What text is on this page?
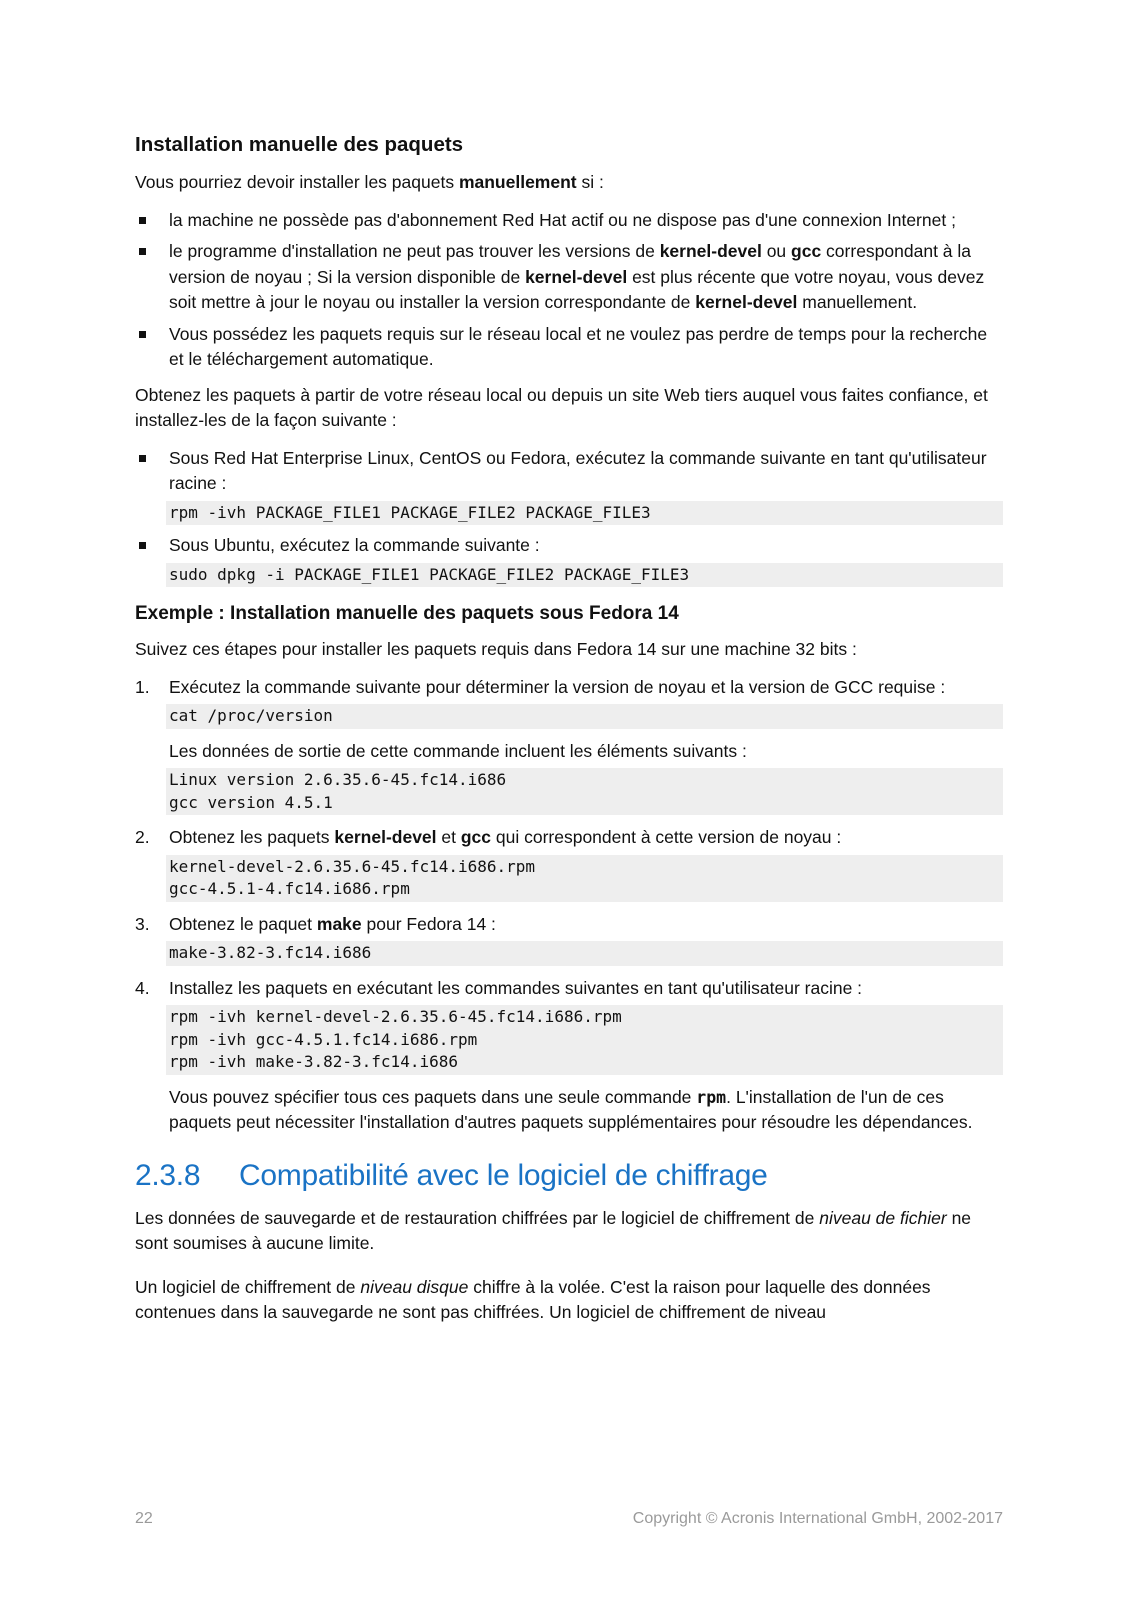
Installation manuelle des paquets

Vous pourriez devoir installer les paquets manuellement si :

la machine ne possède pas d'abonnement Red Hat actif ou ne dispose pas d'une connexion Internet ;
le programme d'installation ne peut pas trouver les versions de kernel-devel ou gcc correspondant à la version de noyau ; Si la version disponible de kernel-devel est plus récente que votre noyau, vous devez soit mettre à jour le noyau ou installer la version correspondante de kernel-devel manuellement.
Vous possédez les paquets requis sur le réseau local et ne voulez pas perdre de temps pour la recherche et le téléchargement automatique.

Obtenez les paquets à partir de votre réseau local ou depuis un site Web tiers auquel vous faites confiance, et installez-les de la façon suivante :

Sous Red Hat Enterprise Linux, CentOS ou Fedora, exécutez la commande suivante en tant qu'utilisateur racine :
rpm -ivh PACKAGE_FILE1 PACKAGE_FILE2 PACKAGE_FILE3
Sous Ubuntu, exécutez la commande suivante :
sudo dpkg -i PACKAGE_FILE1 PACKAGE_FILE2 PACKAGE_FILE3
Exemple : Installation manuelle des paquets sous Fedora 14

Suivez ces étapes pour installer les paquets requis dans Fedora 14 sur une machine 32 bits :

1. Exécutez la commande suivante pour déterminer la version de noyau et la version de GCC requise :
cat /proc/version

Les données de sortie de cette commande incluent les éléments suivants :

Linux version 2.6.35.6-45.fc14.i686
gcc version 4.5.1
2. Obtenez les paquets kernel-devel et gcc qui correspondent à cette version de noyau :
kernel-devel-2.6.35.6-45.fc14.i686.rpm
gcc-4.5.1-4.fc14.i686.rpm
3. Obtenez le paquet make pour Fedora 14 :
make-3.82-3.fc14.i686
4. Installez les paquets en exécutant les commandes suivantes en tant qu'utilisateur racine :
rpm -ivh kernel-devel-2.6.35.6-45.fc14.i686.rpm
rpm -ivh gcc-4.5.1.fc14.i686.rpm
rpm -ivh make-3.82-3.fc14.i686

Vous pouvez spécifier tous ces paquets dans une seule commande rpm. L'installation de l'un de ces paquets peut nécessiter l'installation d'autres paquets supplémentaires pour résoudre les dépendances.

2.3.8 Compatibilité avec le logiciel de chiffrage

Les données de sauvegarde et de restauration chiffrées par le logiciel de chiffrement de niveau de fichier ne sont soumises à aucune limite.

Un logiciel de chiffrement de niveau disque chiffre à la volée. C'est la raison pour laquelle des données contenues dans la sauvegarde ne sont pas chiffrées. Un logiciel de chiffrement de niveau

22	Copyright © Acronis International GmbH, 2002-2017
